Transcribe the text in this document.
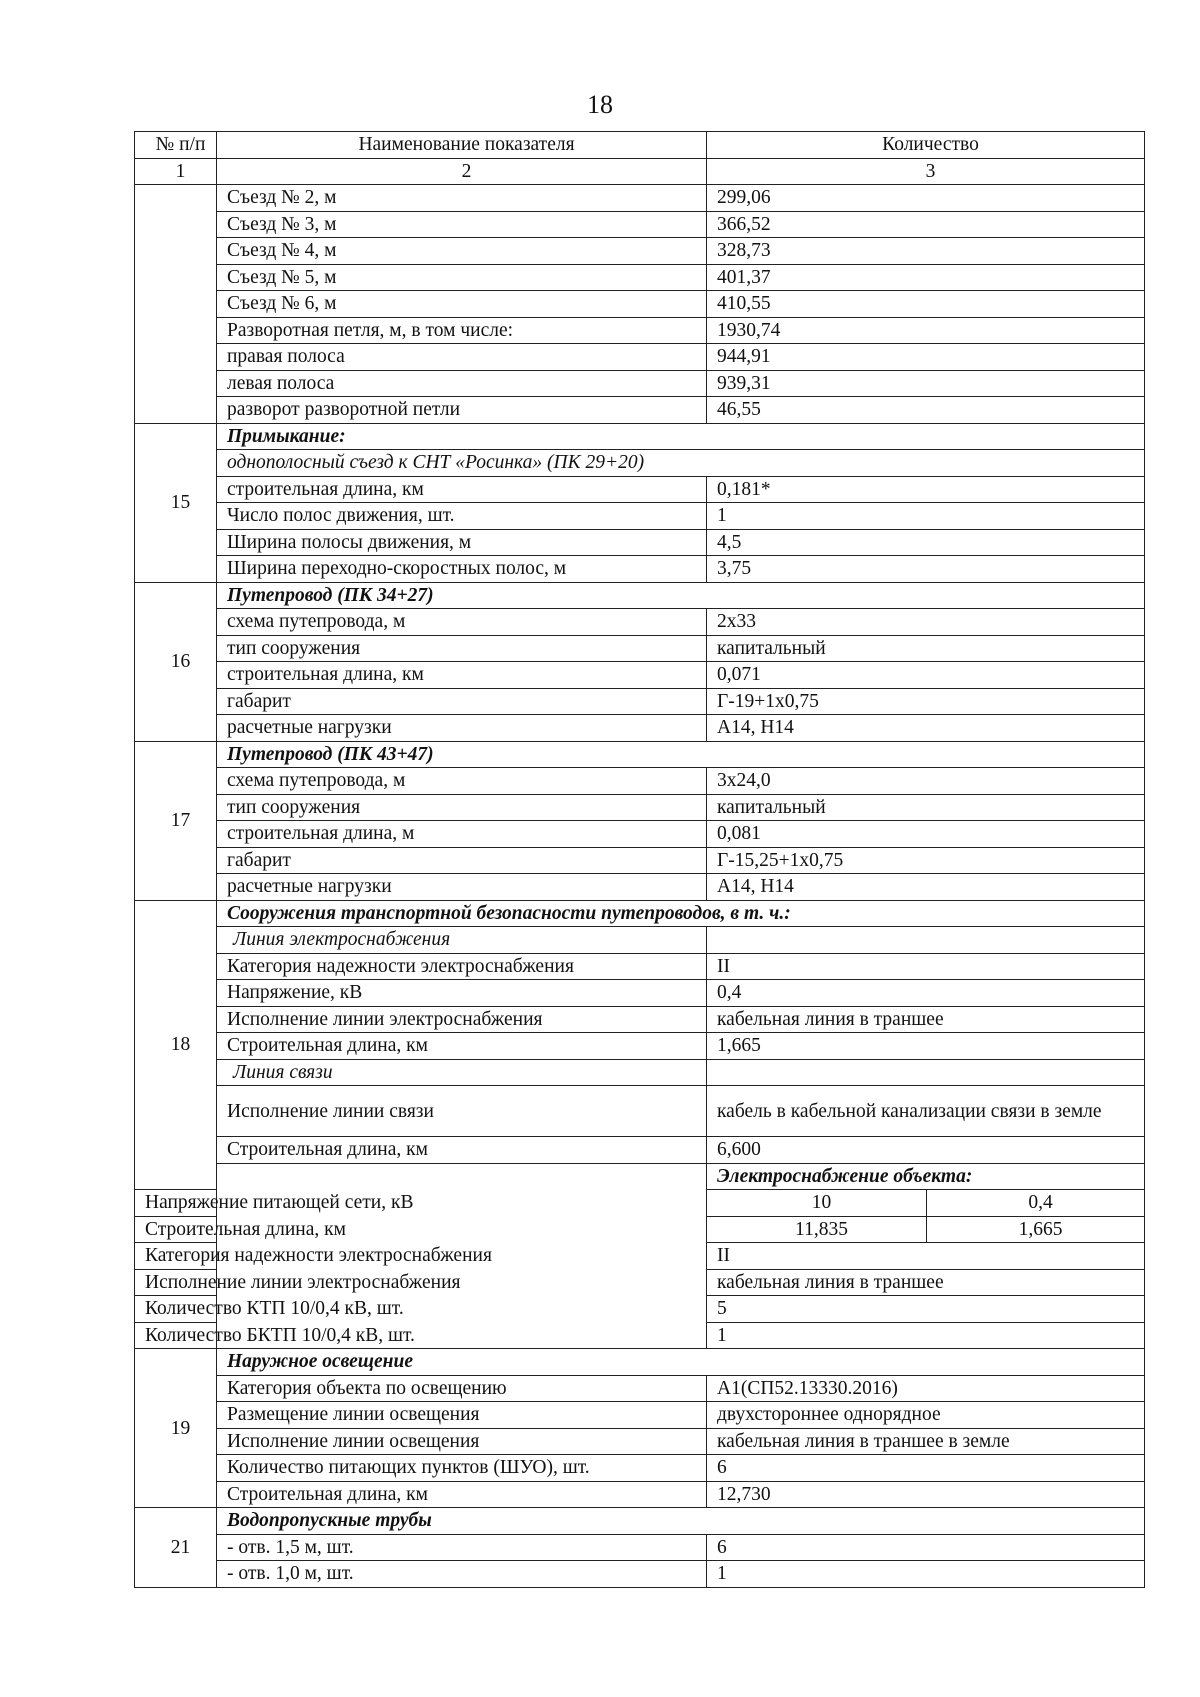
18
№ п/п	Наименование показателя	Количество	
1	2	3	
	Съезд № 2, м	299,06	
	Съезд № 3, м	366,52	
	Съезд № 4, м	328,73	
	Съезд № 5, м	401,37	
	Съезд № 6, м	410,55	
	Разворотная петля, м, в том числе:	1930,74	
	правая полоса	944,91	
	левая полоса	939,31	
	разворот разворотной петли	46,55	
15	Примыкание:		
	однополосный съезд к СНТ «Росинка» (ПК 29+20)		
	строительная длина, км	0,181*	
	Число полос движения, шт.	1	
	Ширина полосы движения, м	4,5	
	Ширина переходно-скоростных полос, м	3,75	
16	Путепровод (ПК 34+27)		
	схема путепровода, м	2х33	
	тип сооружения	капитальный	
	строительная длина, км	0,071	
	габарит	Г-19+1х0,75	
	расчетные нагрузки	А14, Н14	
17	Путепровод (ПК 43+47)		
	схема путепровода, м	3х24,0	
	тип сооружения	капитальный	
	строительная длина, м	0,081	
	габарит	Г-15,25+1х0,75	
	расчетные нагрузки	А14, Н14	
18	Сооружения транспортной безопасности путепроводов, в т. ч.:		
	Линия электроснабжения		
	Категория надежности электроснабжения	II	
	Напряжение, кВ	0,4	
	Исполнение линии электроснабжения	кабельная линия в траншее	
	Строительная длина, км	1,665	
	Линия связи		
	Исполнение линии связи	кабель в кабельной канализации связи в земле	
	Строительная длина, км	6,600	
		Электроснабжение объекта:	
Напряжение питающей сети, кВ		10	0,4
Строительная длина, км		11,835	1,665
Категория надежности электроснабжения		II	
Исполнение линии электроснабжения		кабельная линия в траншее	
Количество КТП 10/0,4 кВ, шт.		5	
Количество БКТП 10/0,4 кВ, шт.		1	
19	Наружное освещение		
	Категория объекта по освещению	А1(СП52.13330.2016)	
	Размещение линии освещения	двухстороннее однорядное	
	Исполнение линии освещения	кабельная линия в траншее в земле	
	Количество питающих пунктов (ШУО), шт.	6	
	Строительная длина, км	12,730	
21	Водопропускные трубы		
	- отв. 1,5 м, шт.	6	
	- отв. 1,0 м, шт.	1	
